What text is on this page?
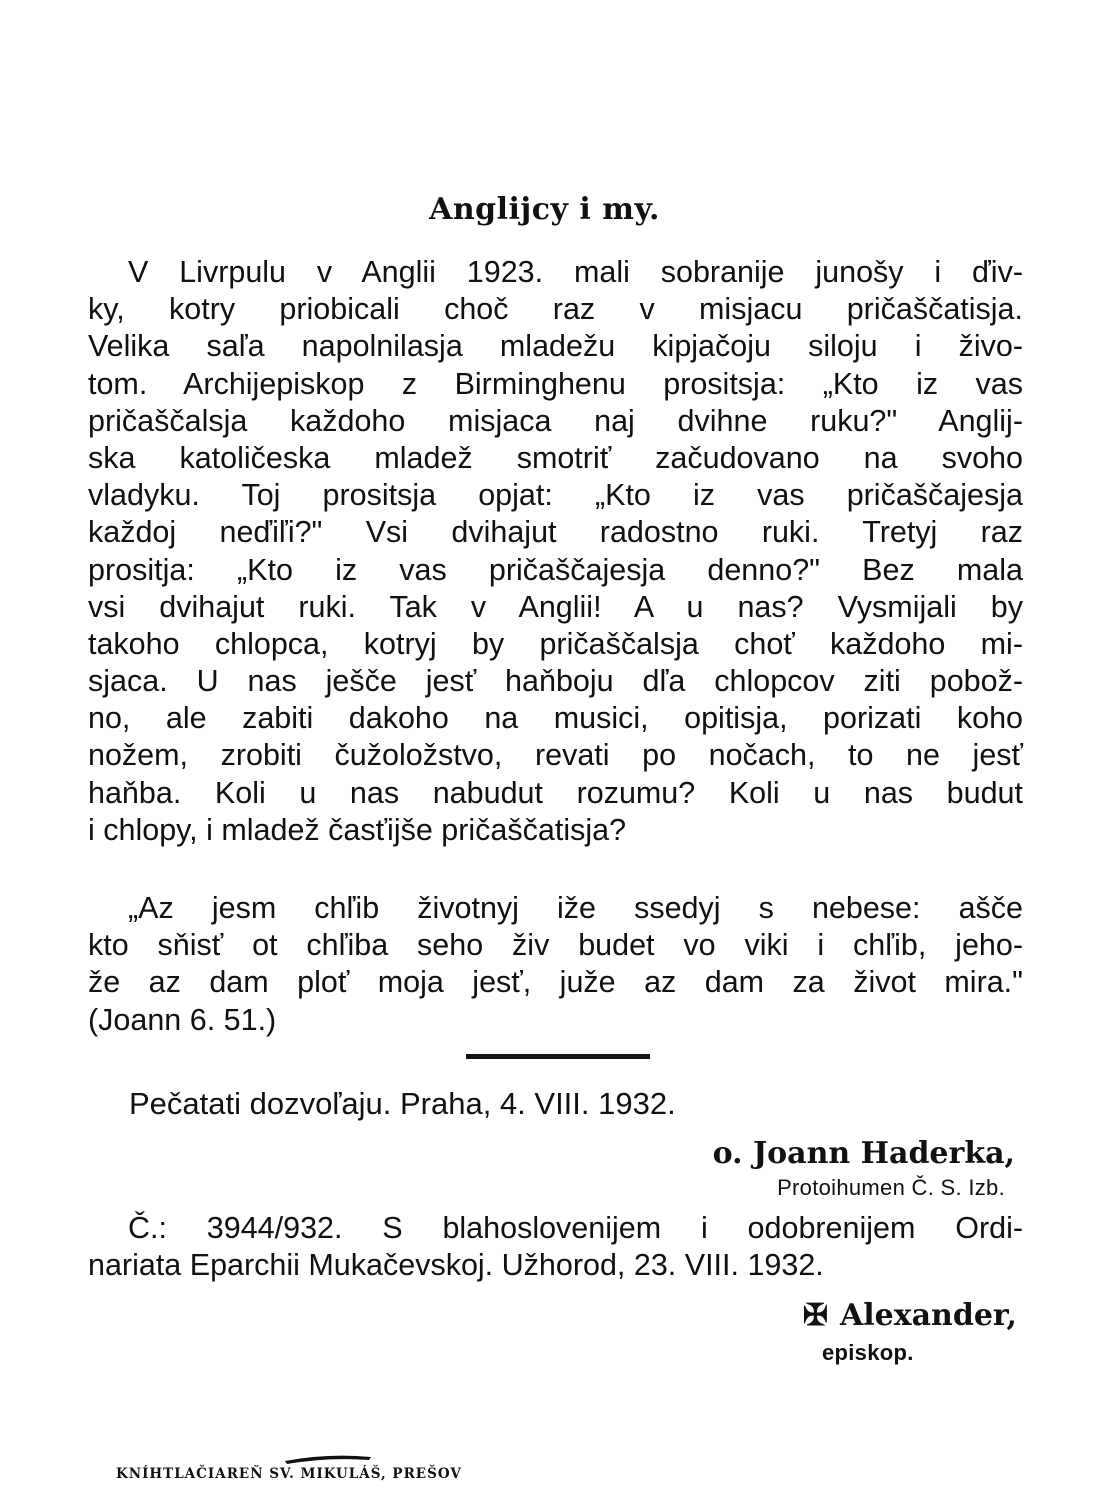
Anglijcy i my.
V Livrpulu v Anglii 1923. mali sobranije junošy i ďiv-
ky, kotry priobicali choč raz v misjacu pričaščatisja.
Velika saľa napolnilasja mladežu kipjačoju siloju i živo-
tom. Archijepiskop z Birminghenu prositsja: „Kto iz vas
pričaščalsja každoho misjaca naj dvihne ruku?" Anglij-
ska katoličeska mladež smotriť začudovano na svoho
vladyku. Toj prositsja opjat: „Kto iz vas pričaščajesja
každoj neďiľi?" Vsi dvihajut radostno ruki. Tretyj raz
prositja: „Kto iz vas pričaščajesja denno?" Bez mala
vsi dvihajut ruki. Tak v Anglii! A u nas? Vysmijali by
takoho chlopca, kotryj by pričaščalsja choť každoho mi-
sjaca. U nas ješče jesť haňboju dľa chlopcov ziti pobož-
no, ale zabiti dakoho na musici, opitisja, porizati koho
nožem, zrobiti čužoložstvo, revati po nočach, to ne jesť
haňba. Koli u nas nabudut rozumu? Koli u nas budut
i chlopy, i mladež časťijše pričaščatisja?
„Az jesm chľib životnyj iže ssedyj s nebese: ašče
kto sňisť ot chľiba seho živ budet vo viki i chľib, jeho-
že az dam ploť moja jesť, juže az dam za život mira."
(Joann 6. 51.)
Pečatati dozvoľaju. Praha, 4. VIII. 1932.
o. Joann Haderka,
Protoihumen Č. S. Izb.
Č.: 3944/932. S blahoslovenijem i odobrenijem Ordi-
nariata Eparchii Mukačevskoj. Užhorod, 23. VIII. 1932.
✠ Alexander,
episkop.
KNÍHTLAČIAREŇ SV. MIKULÁŠ, PREŠOV
